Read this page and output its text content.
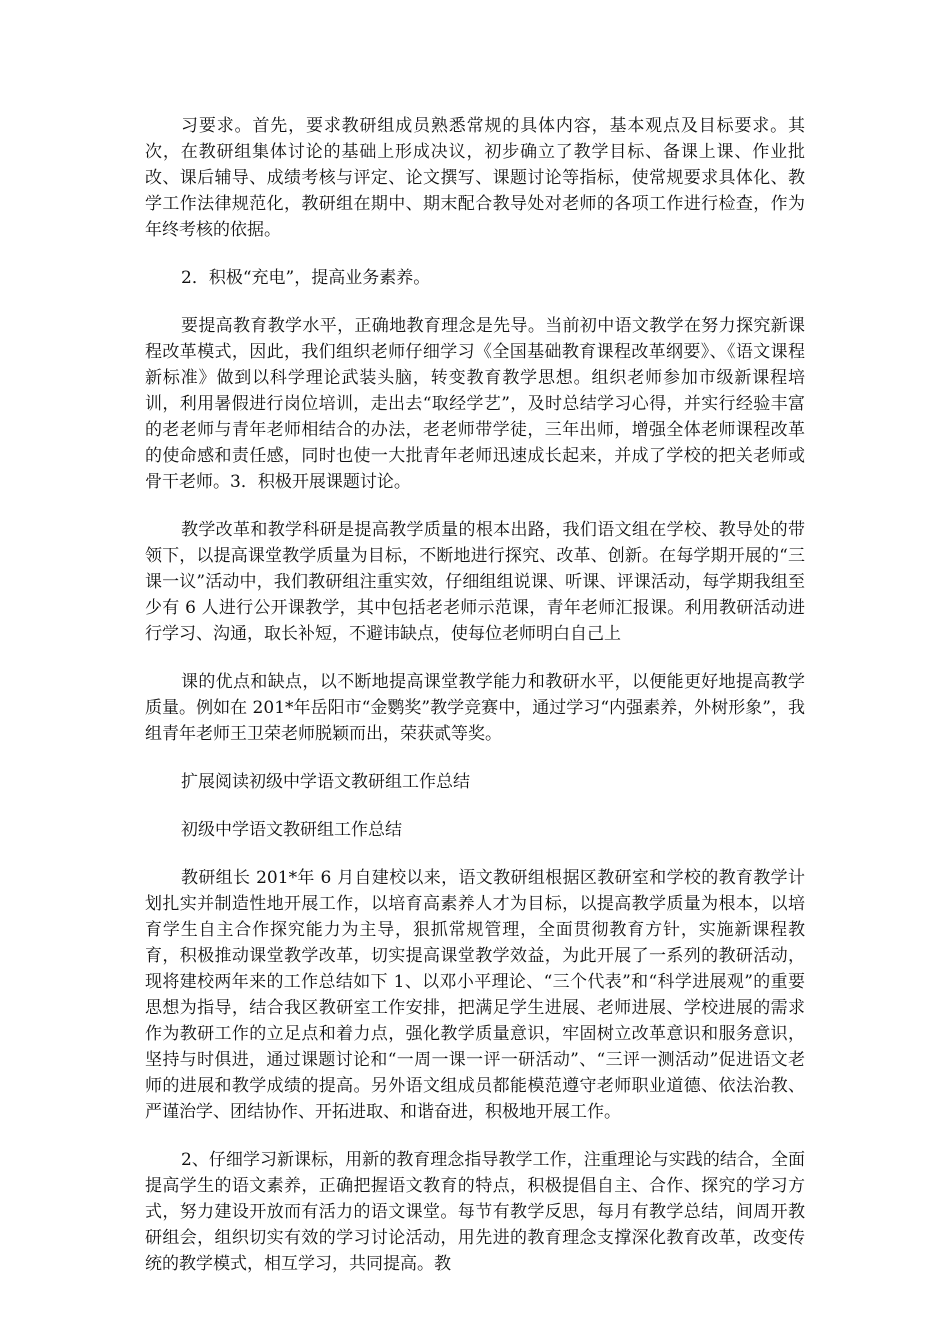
习要求。首先，要求教研组成员熟悉常规的具体内容，基本观点及目标要求。其次，在教研组集体讨论的基础上形成决议，初步确立了教学目标、备课上课、作业批改、课后辅导、成绩考核与评定、论文撰写、课题讨论等指标，使常规要求具体化、教学工作法律规范化，教研组在期中、期末配合教导处对老师的各项工作进行检查，作为年终考核的依据。

2．积极“充电”，提高业务素养。

要提高教育教学水平，正确地教育理念是先导。当前初中语文教学在努力探究新课程改革模式，因此，我们组织老师仔细学习《全国基础教育课程改革纲要》、《语文课程新标准》做到以科学理论武装头脑，转变教育教学思想。组织老师参加市级新课程培训，利用暑假进行岗位培训，走出去“取经学艺”，及时总结学习心得，并实行经验丰富的老老师与青年老师相结合的办法，老老师带学徒，三年出师，增强全体老师课程改革的使命感和责任感，同时也使一大批青年老师迅速成长起来，并成了学校的把关老师或骨干老师。3．积极开展课题讨论。

教学改革和教学科研是提高教学质量的根本出路，我们语文组在学校、教导处的带领下，以提高课堂教学质量为目标，不断地进行探究、改革、创新。在每学期开展的“三课一议”活动中，我们教研组注重实效，仔细组组说课、听课、评课活动，每学期我组至少有 6 人进行公开课教学，其中包括老老师示范课，青年老师汇报课。利用教研活动进行学习、沟通，取长补短，不避讳缺点，使每位老师明白自己上

课的优点和缺点，以不断地提高课堂教学能力和教研水平，以便能更好地提高教学质量。例如在 201*年岳阳市“金鹦奖”教学竞赛中，通过学习“内强素养，外树形象”，我组青年老师王卫荣老师脱颖而出，荣获贰等奖。

扩展阅读初级中学语文教研组工作总结

初级中学语文教研组工作总结

教研组长 201*年 6 月自建校以来，语文教研组根据区教研室和学校的教育教学计划扎实并制造性地开展工作，以培育高素养人才为目标，以提高教学质量为根本，以培育学生自主合作探究能力为主导，狠抓常规管理，全面贯彻教育方针，实施新课程教育，积极推动课堂教学改革，切实提高课堂教学效益，为此开展了一系列的教研活动，现将建校两年来的工作总结如下 1、以邓小平理论、“三个代表”和“科学进展观”的重要思想为指导，结合我区教研室工作安排，把满足学生进展、老师进展、学校进展的需求作为教研工作的立足点和着力点，强化教学质量意识，牢固树立改革意识和服务意识，坚持与时俱进，通过课题讨论和“一周一课一评一研活动”、“三评一测活动”促进语文老师的进展和教学成绩的提高。另外语文组成员都能模范遵守老师职业道德、依法治教、严谨治学、团结协作、开拓进取、和谐奋进，积极地开展工作。

2、仔细学习新课标，用新的教育理念指导教学工作，注重理论与实践的结合，全面提高学生的语文素养，正确把握语文教育的特点，积极提倡自主、合作、探究的学习方式，努力建设开放而有活力的语文课堂。每节有教学反思，每月有教学总结，间周开教研组会，组织切实有效的学习讨论活动，用先进的教育理念支撑深化教育改革，改变传统的教学模式，相互学习，共同提高。教
